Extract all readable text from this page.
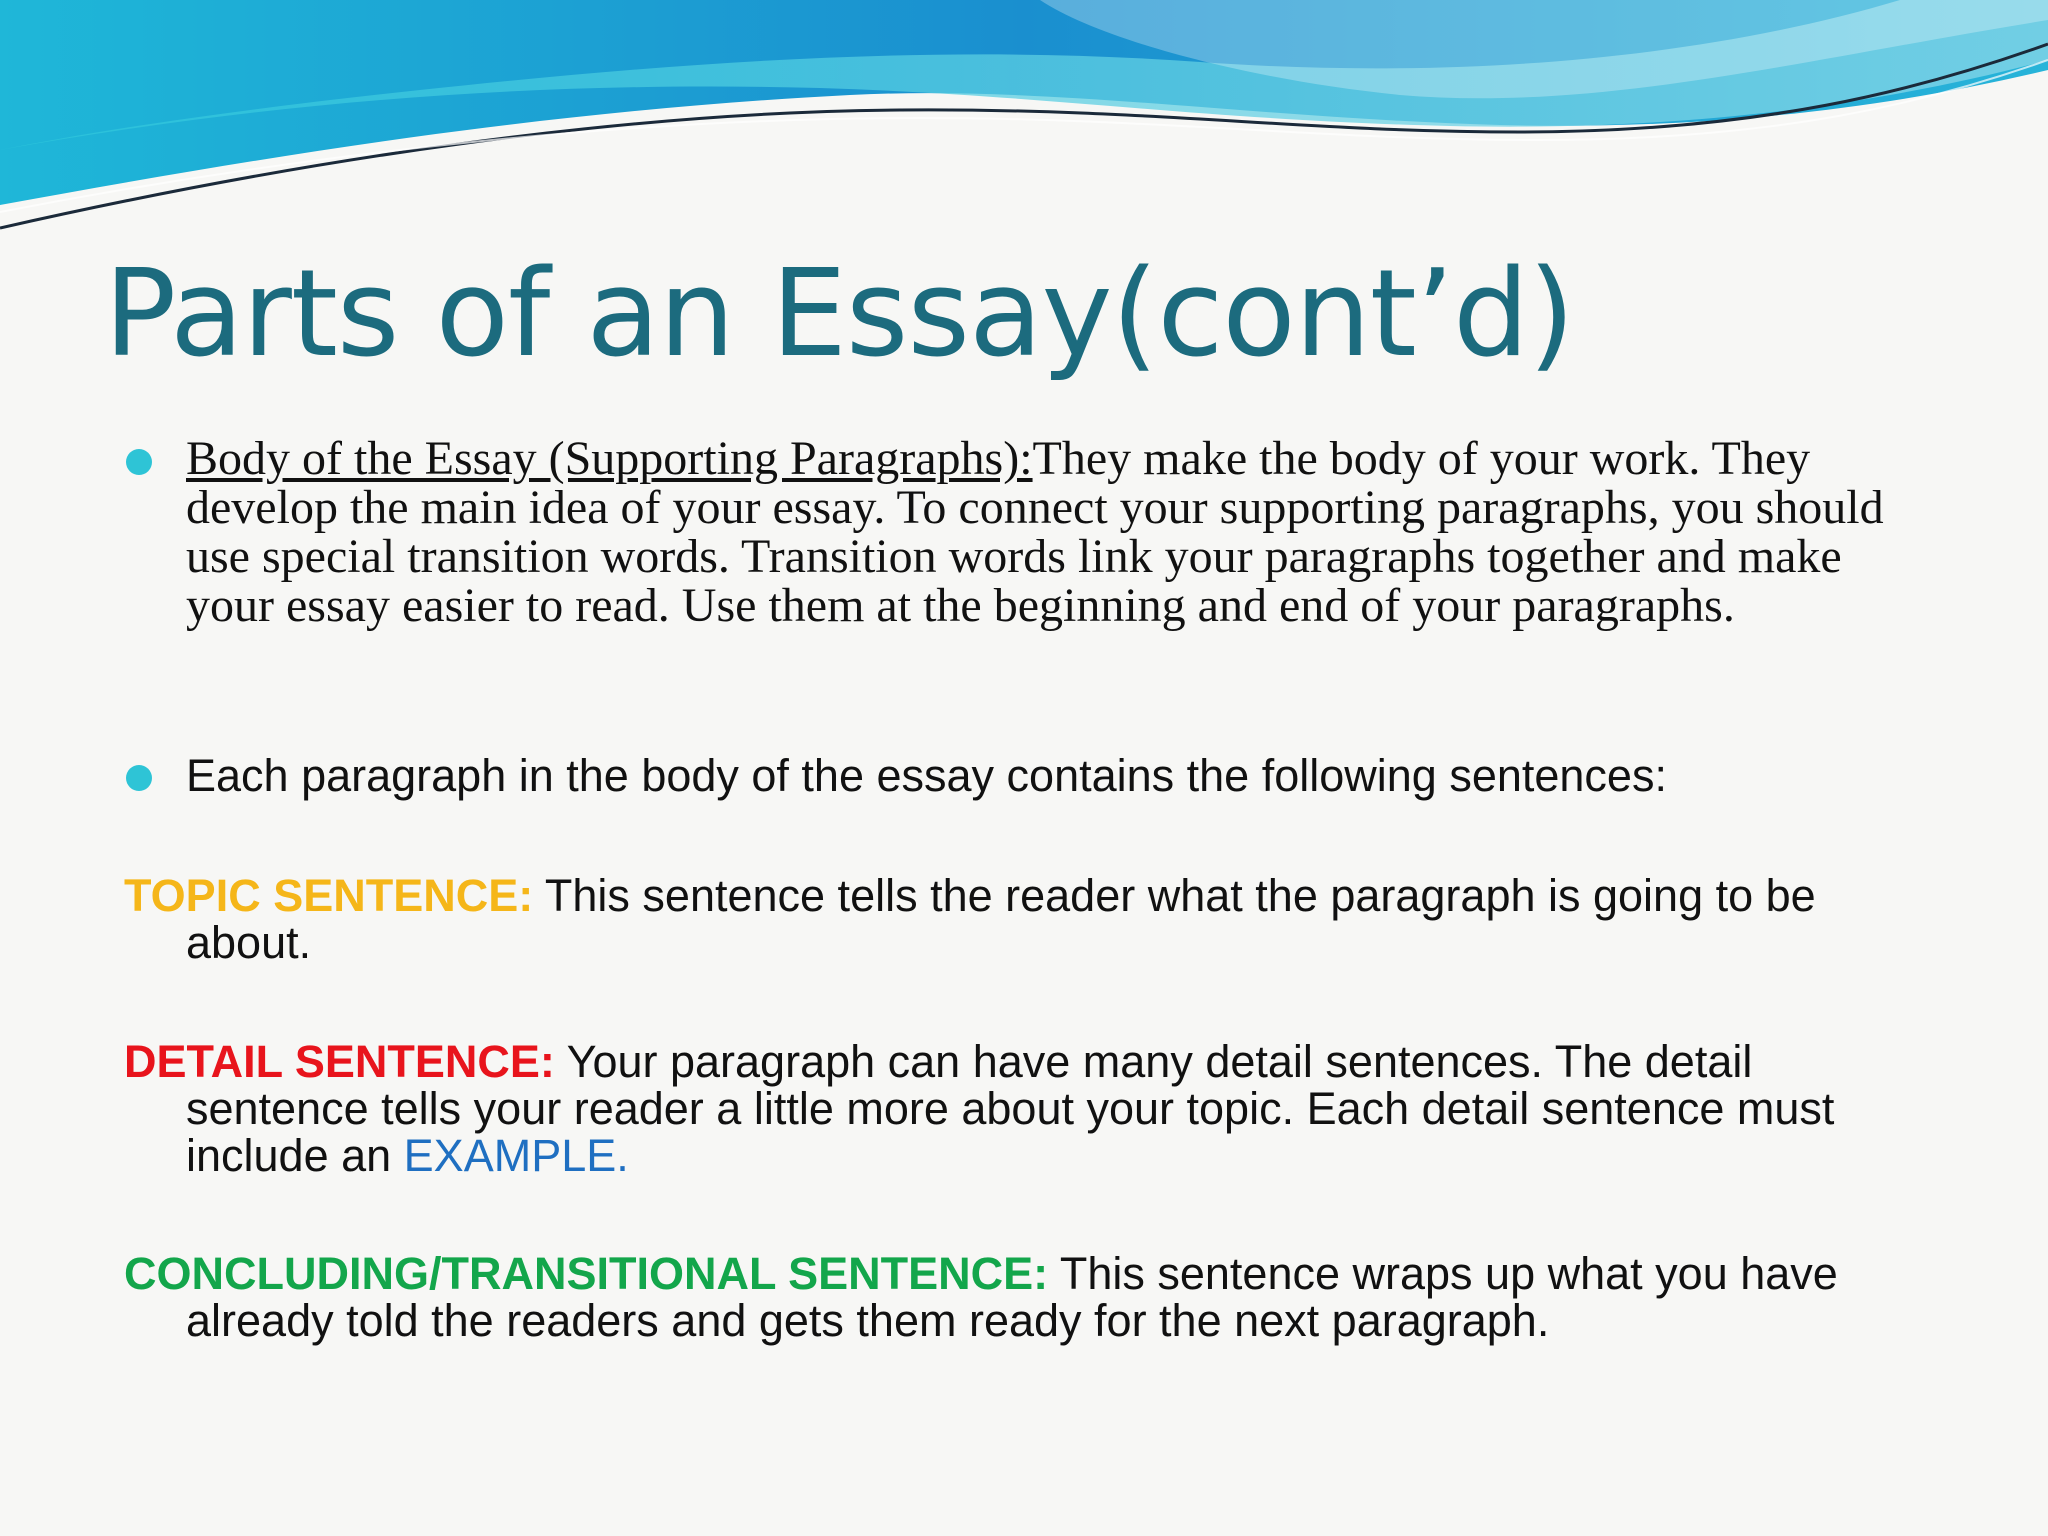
Parts of an Essay(cont’d)

Body of the Essay (Supporting Paragraphs):They make the body of your work. They develop the main idea of your essay. To connect your supporting paragraphs, you should use special transition words. Transition words link your paragraphs together and make your essay easier to read. Use them at the beginning and end of your paragraphs.

Each paragraph in the body of the essay contains the following sentences:

TOPIC SENTENCE: This sentence tells the reader what the paragraph is going to be about.

DETAIL SENTENCE: Your paragraph can have many detail sentences. The detail sentence tells your reader a little more about your topic. Each detail sentence must include an EXAMPLE.

CONCLUDING/TRANSITIONAL SENTENCE: This sentence wraps up what you have already told the readers and gets them ready for the next paragraph.
